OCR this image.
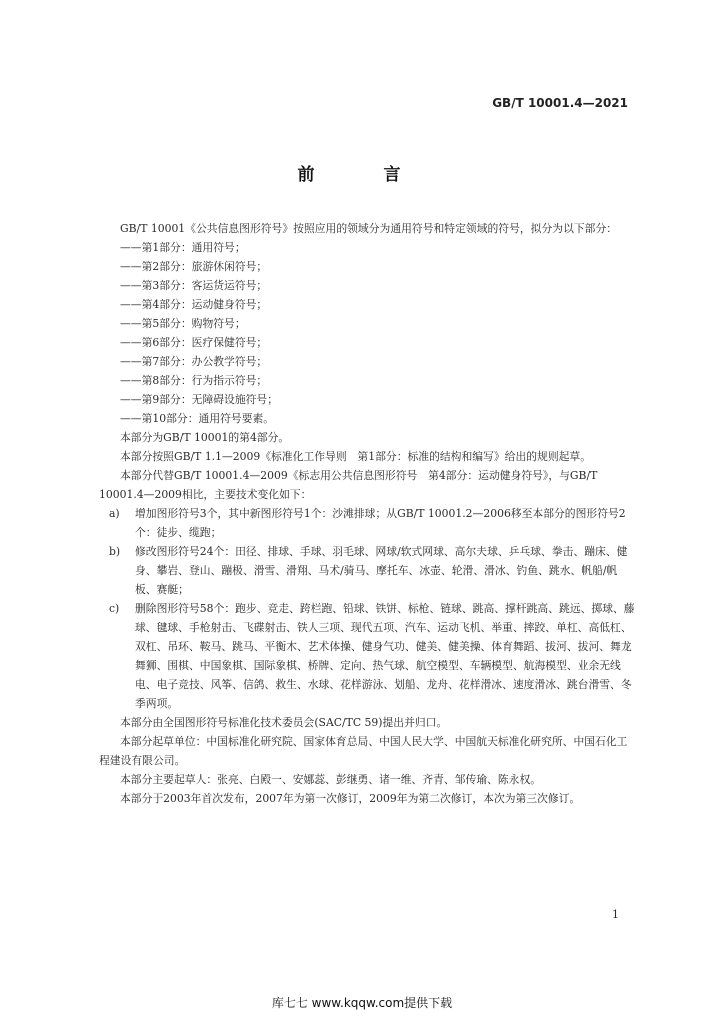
GB/T 10001.4—2021

前　言

GB/T 10001《公共信息图形符号》按照应用的领域分为通用符号和特定领域的符号，拟分为以下部分：

——第1部分：通用符号；

——第2部分：旅游休闲符号；

——第3部分：客运货运符号；

——第4部分：运动健身符号；

——第5部分：购物符号；

——第6部分：医疗保健符号；

——第7部分：办公教学符号；

——第8部分：行为指示符号；

——第9部分：无障碍设施符号；

——第10部分：通用符号要素。

本部分为GB/T 10001的第4部分。

本部分按照GB/T 1.1—2009《标准化工作导则　第1部分：标准的结构和编写》给出的规则起草。

本部分代替GB/T 10001.4—2009《标志用公共信息图形符号　第4部分：运动健身符号》，与GB/T 10001.4—2009相比，主要技术变化如下：

a)	增加图形符号3个，其中新图形符号1个：沙滩排球；从GB/T 10001.2—2006移至本部分的图形符号2个：徒步、缆跑；
b)	修改图形符号24个：田径、排球、手球、羽毛球、网球/软式网球、高尔夫球、乒乓球、拳击、蹦床、健身、攀岩、登山、蹦极、滑雪、滑翔、马术/骑马、摩托车、冰壶、轮滑、滑冰、钓鱼、跳水、帆船/帆板、赛艇；
c)	删除图形符号58个：跑步、竞走、跨栏跑、铅球、铁饼、标枪、链球、跳高、撑杆跳高、跳远、掷球、藤球、毽球、手枪射击、飞碟射击、铁人三项、现代五项、汽车、运动飞机、举重、摔跤、单杠、高低杠、双杠、吊环、鞍马、跳马、平衡木、艺术体操、健身气功、健美、健美操、体育舞蹈、拔河、拔河、舞龙舞狮、围棋、中国象棋、国际象棋、桥牌、定向、热气球、航空模型、车辆模型、航海模型、业余无线电、电子竞技、风筝、信鸽、救生、水球、花样游泳、划船、龙舟、花样滑冰、速度滑冰、跳台滑雪、冬季两项。

本部分由全国图形符号标准化技术委员会(SAC/TC 59)提出并归口。

本部分起草单位：中国标准化研究院、国家体育总局、中国人民大学、中国航天标准化研究所、中国石化工程建设有限公司。

本部分主要起草人：张亮、白殿一、安娜蕊、彭继勇、诸一维、齐青、邹传瑜、陈永权。

本部分于2003年首次发布，2007年为第一次修订，2009年为第二次修订，本次为第三次修订。

1

库七七 www.kqqw.com提供下载
